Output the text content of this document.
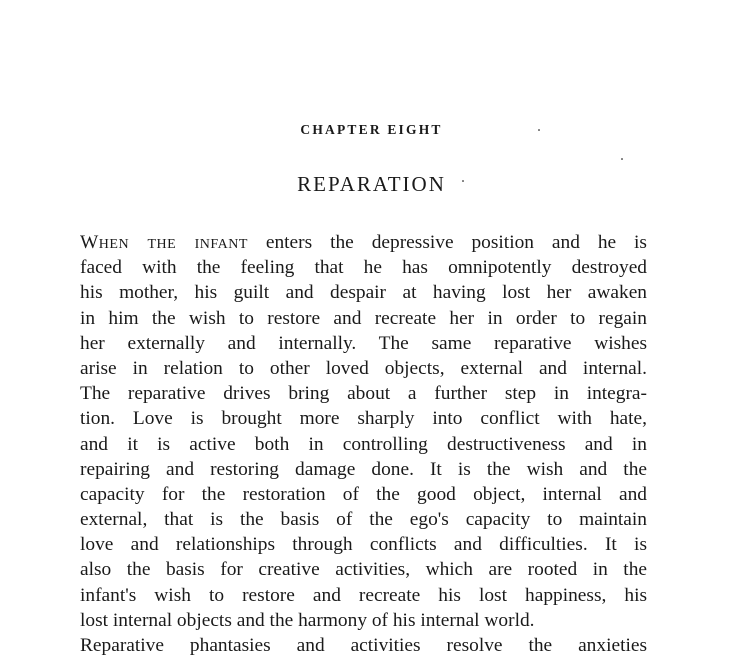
CHAPTER EIGHT
REPARATION
When the infant enters the depressive position and he is
faced with the feeling that he has omnipotently destroyed
his mother, his guilt and despair at having lost her awaken
in him the wish to restore and recreate her in order to regain
her externally and internally. The same reparative wishes
arise in relation to other loved objects, external and internal.
The reparative drives bring about a further step in integra-
tion. Love is brought more sharply into conflict with hate,
and it is active both in controlling destructiveness and in
repairing and restoring damage done. It is the wish and the
capacity for the restoration of the good object, internal and
external, that is the basis of the ego's capacity to maintain
love and relationships through conflicts and difficulties. It is
also the basis for creative activities, which are rooted in the
infant's wish to restore and recreate his lost happiness, his
lost internal objects and the harmony of his internal world.
Reparative phantasies and activities resolve the anxieties
